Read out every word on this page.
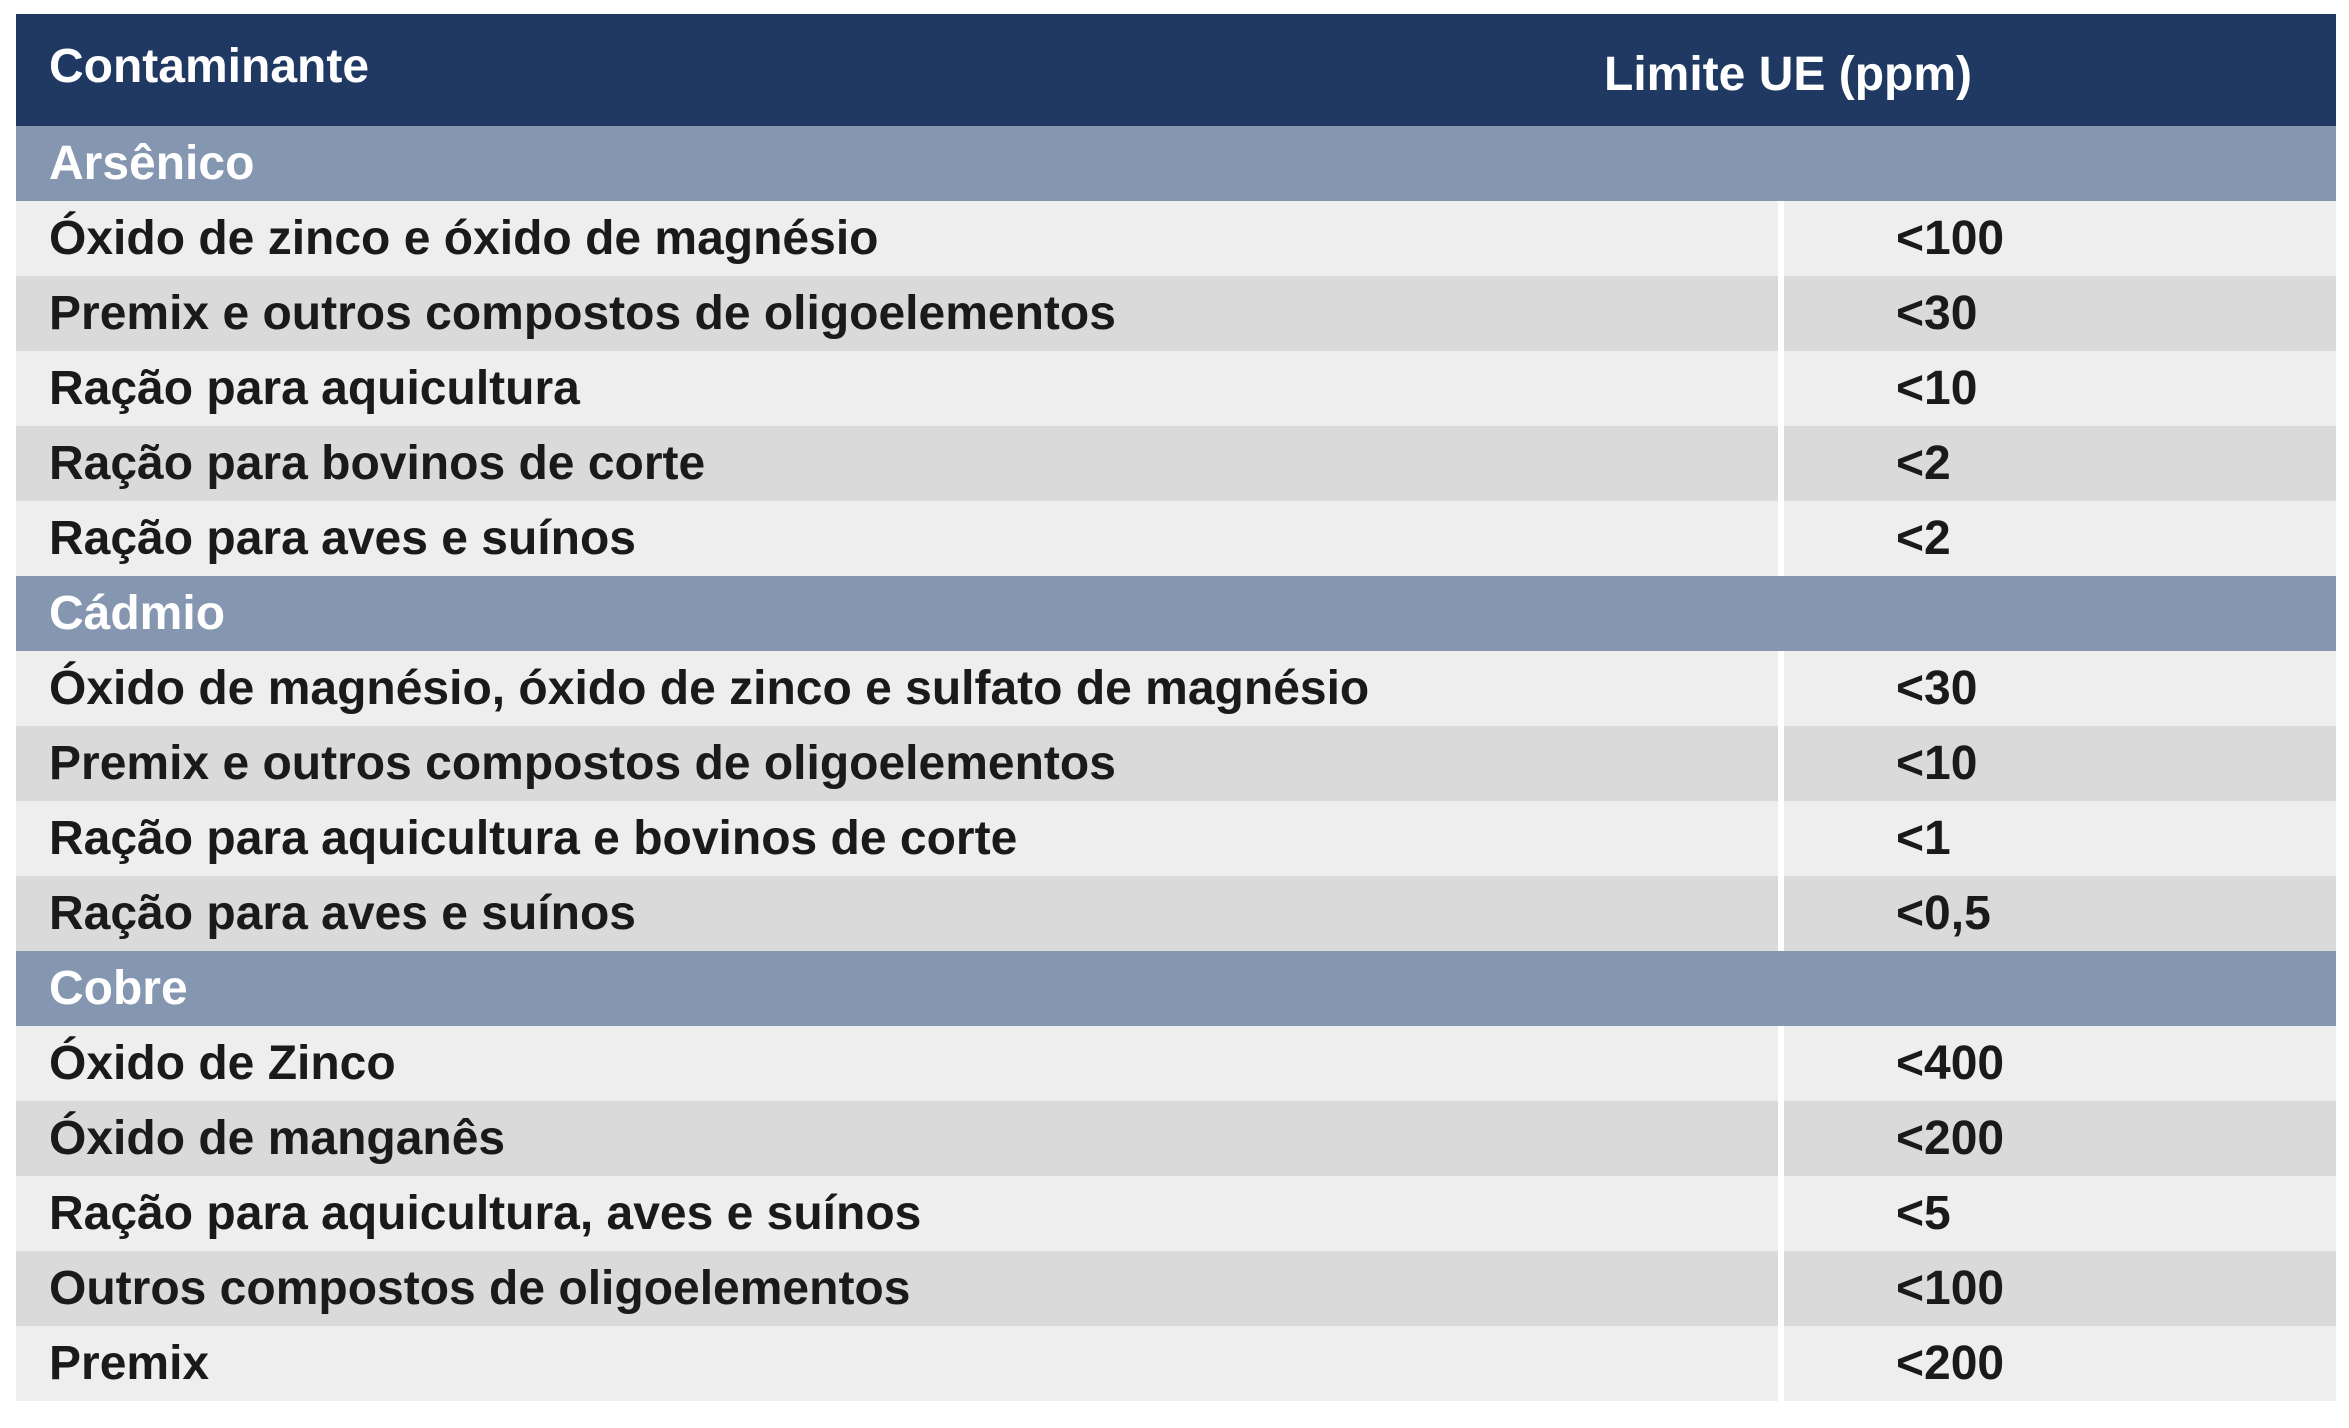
Contaminante	Limite UE (ppm)
Arsênico
Óxido de zinco e óxido de magnésio	<100
Premix e outros compostos de oligoelementos	<30
Ração para aquicultura	<10
Ração para bovinos de corte	<2
Ração para aves e suínos	<2
Cádmio
Óxido de magnésio, óxido de zinco e sulfato de magnésio	<30
Premix e outros compostos de oligoelementos	<10
Ração para aquicultura e bovinos de corte	<1
Ração para aves e suínos	<0,5
Cobre
Óxido de Zinco	<400
Óxido de manganês	<200
Ração para aquicultura, aves e suínos	<5
Outros compostos de oligoelementos	<100
Premix	<200
